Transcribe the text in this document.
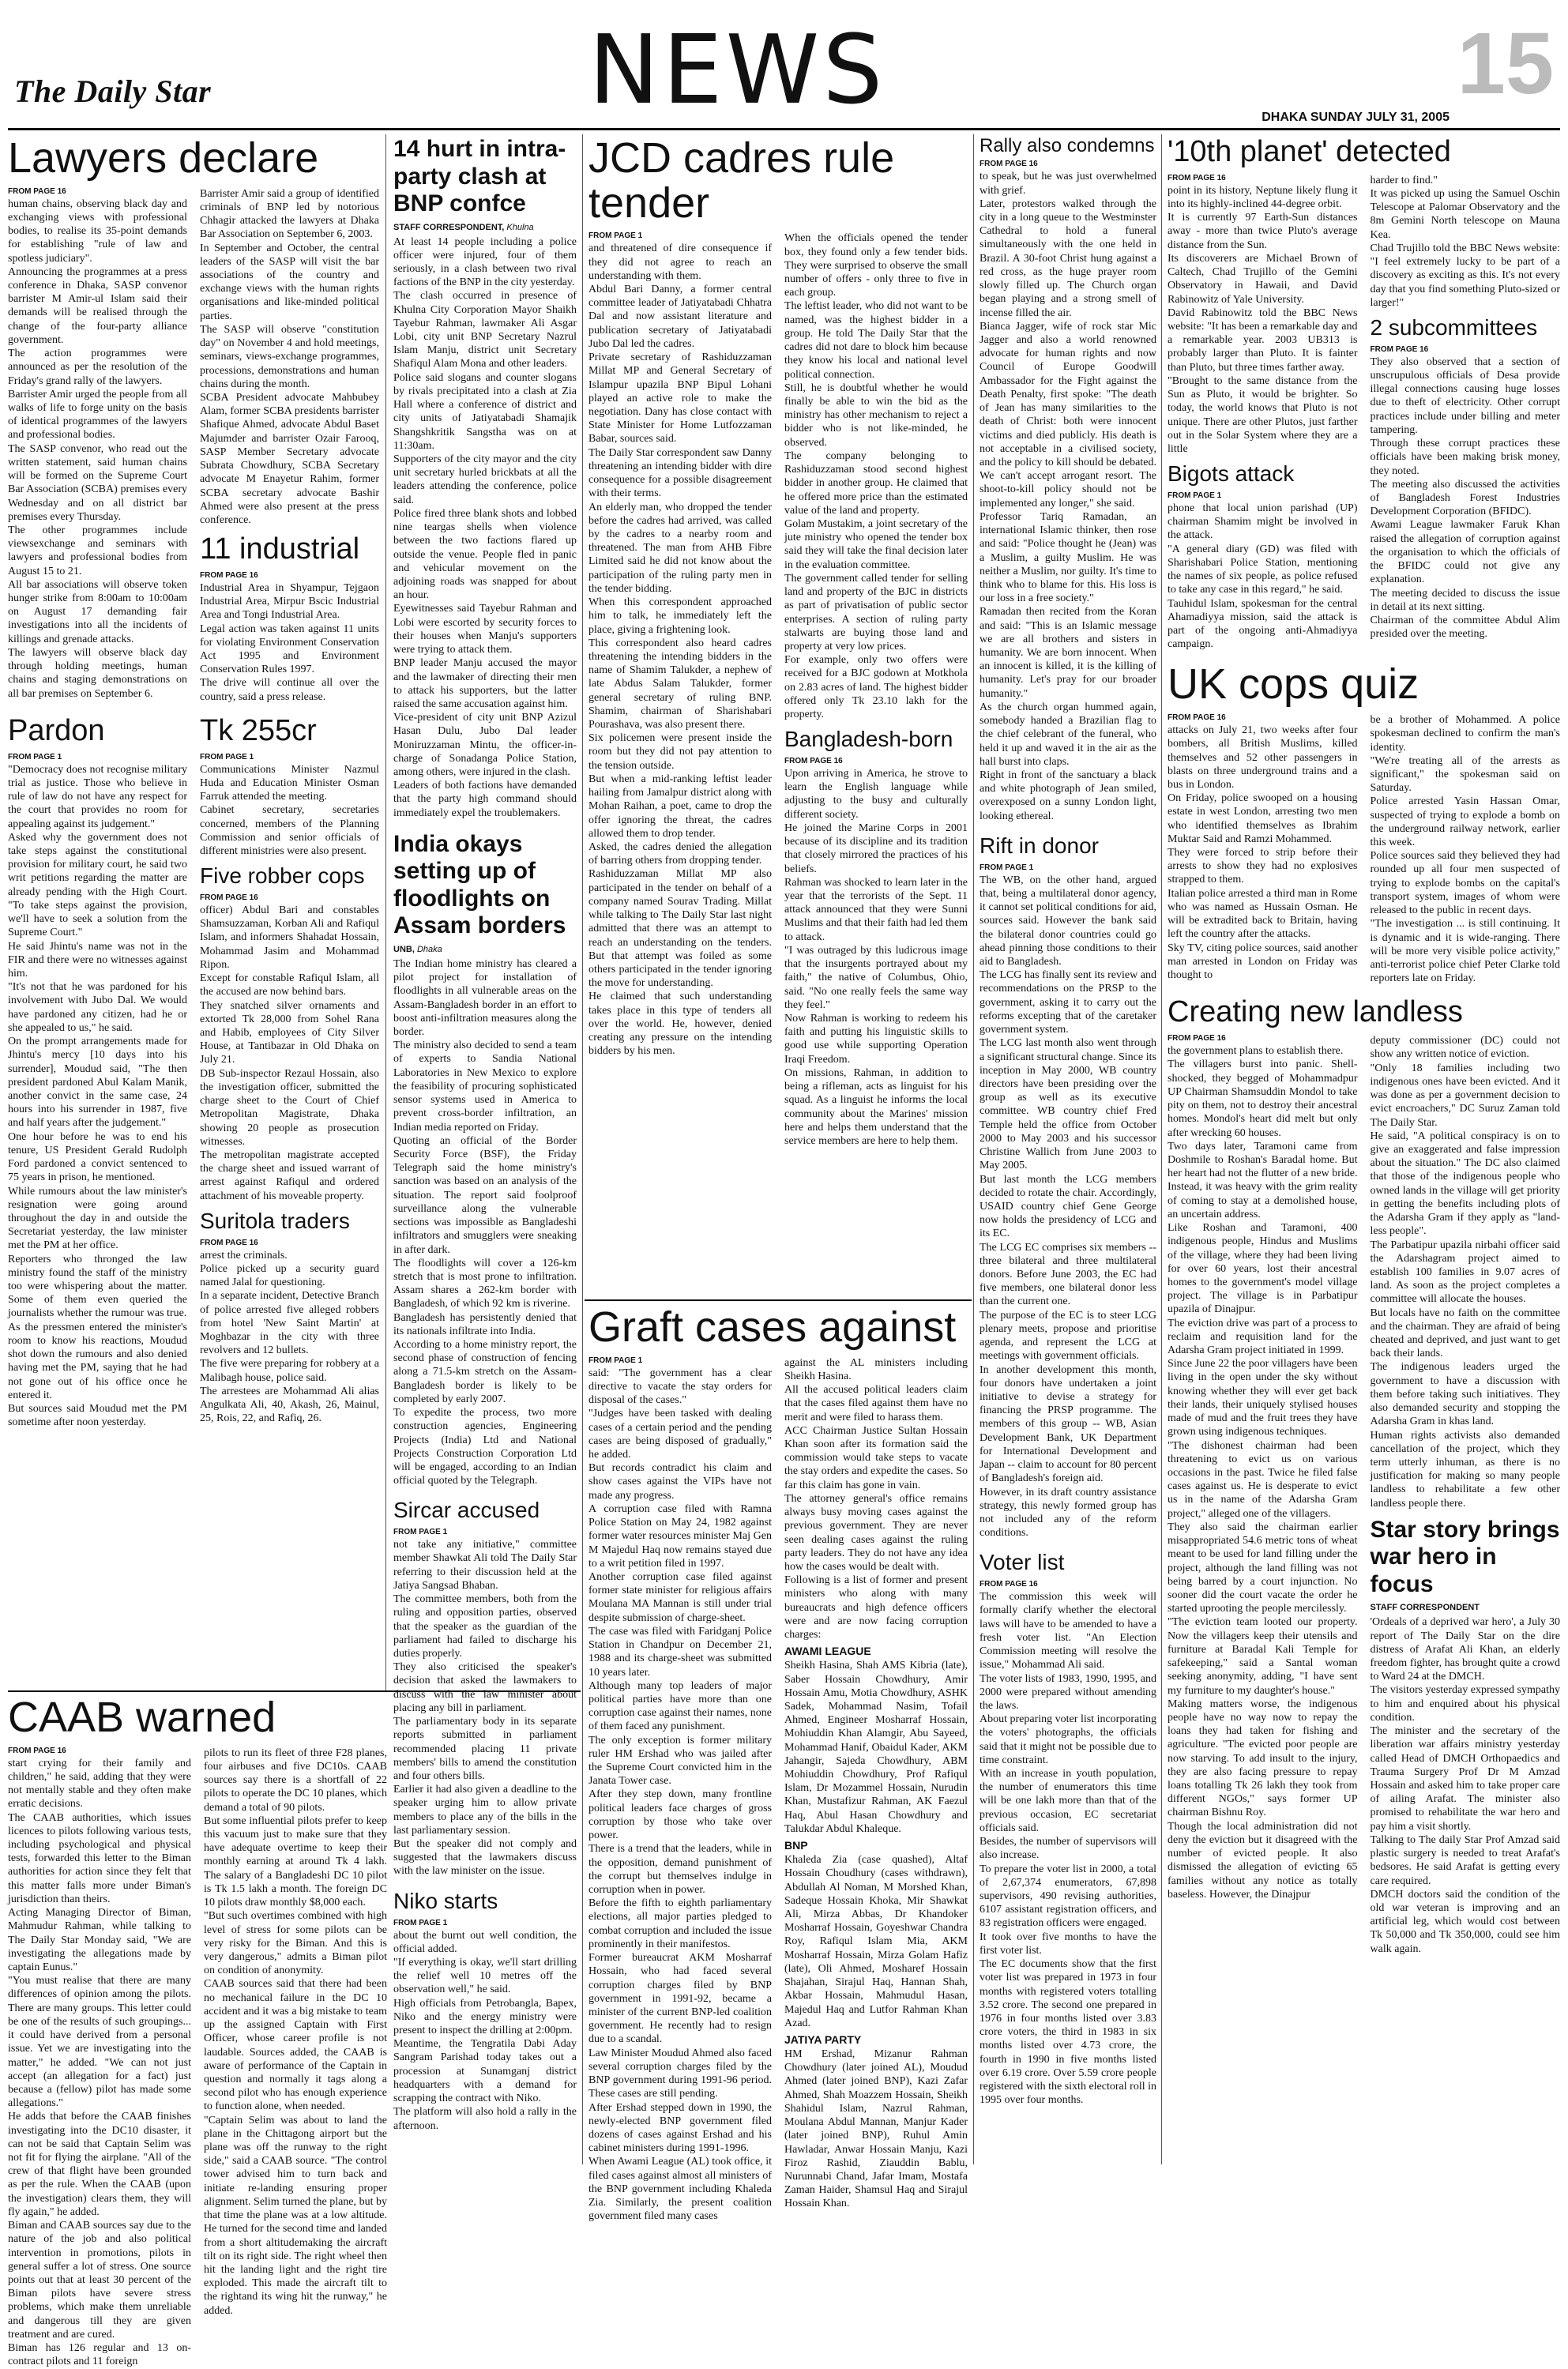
The Daily Star	NEWS	15
DHAKA SUNDAY JULY 31, 2005
Lawyers declare
FROM PAGE 16

human chains, observing black day and exchanging views with professional bodies, to realise its 35-point demands for establishing "rule of law and spotless judiciary".
Announcing the programmes at a press conference in Dhaka, SASP convenor barrister M Amir-ul Islam said their demands will be realised through the change of the four-party alliance government.
The action programmes were announced as per the resolution of the Friday's grand rally of the lawyers.
Barrister Amir urged the people from all walks of life to forge unity on the basis of identical programmes of the lawyers and professional bodies.
The SASP convenor, who read out the written statement, said human chains will be formed on the Supreme Court Bar Association (SCBA) premises every Wednesday and on all district bar premises every Thursday.
The other programmes include viewsexchange and seminars with lawyers and professional bodies from August 15 to 21.
All bar associations will observe token hunger strike from 8:00am to 10:00am on August 17 demanding fair investigations into all the incidents of killings and grenade attacks.
The lawyers will observe black day through holding meetings, human chains and staging demonstrations on all bar premises on September 6.

Barrister Amir said a group of identified criminals of BNP led by notorious Chhagir attacked the lawyers at Dhaka Bar Association on September 6, 2003.
In September and October, the central leaders of the SASP will visit the bar associations of the country and exchange views with the human rights organisations and like-minded political parties.
The SASP will observe "constitution day" on November 4 and hold meetings, seminars, views-exchange programmes, processions, demonstrations and human chains during the month.
SCBA President advocate Mahbubey Alam, former SCBA presidents barrister Shafique Ahmed, advocate Abdul Baset Majumder and barrister Ozair Farooq, SASP Member Secretary advocate Subrata Chowdhury, SCBA Secretary advocate M Enayetur Rahim, former SCBA secretary advocate Bashir Ahmed were also present at the press conference.

11 industrial
FROM PAGE 16

Industrial Area in Shyampur, Tejgaon Industrial Area, Mirpur Bscic Industrial Area and Tongi Industrial Area.
Legal action was taken against 11 units for violating Environment Conservation Act 1995 and Environment Conservation Rules 1997.
The drive will continue all over the country, said a press release.

Pardon
FROM PAGE 1

"Democracy does not recognise military trial as justice. Those who believe in rule of law do not have any respect for the court that provides no room for appealing against its judgement."
Asked why the government does not take steps against the constitutional provision for military court, he said two writ petitions regarding the matter are already pending with the High Court. "To take steps against the provision, we'll have to seek a solution from the Supreme Court."
He said Jhintu's name was not in the FIR and there were no witnesses against him.
"It's not that he was pardoned for his involvement with Jubo Dal. We would have pardoned any citizen, had he or she appealed to us," he said.
On the prompt arrangements made for Jhintu's mercy [10 days into his surrender], Moudud said, "The then president pardoned Abul Kalam Manik, another convict in the same case, 24 hours into his surrender in 1987, five and half years after the judgement."
One hour before he was to end his tenure, US President Gerald Rudolph Ford pardoned a convict sentenced to 75 years in prison, he mentioned.
While rumours about the law minister's resignation were going around throughout the day in and outside the Secretariat yesterday, the law minister met the PM at her office.
Reporters who thronged the law ministry found the staff of the ministry too were whispering about the matter. Some of them even queried the journalists whether the rumour was true.
As the pressmen entered the minister's room to know his reactions, Moudud shot down the rumours and also denied having met the PM, saying that he had not gone out of his office once he entered it.
But sources said Moudud met the PM sometime after noon yesterday.

Tk 255cr
FROM PAGE 1

Communications Minister Nazmul Huda and Education Minister Osman Farruk attended the meeting.
Cabinet secretary, secretaries concerned, members of the Planning Commission and senior officials of different ministries were also present.

Five robber cops
FROM PAGE 16

officer) Abdul Bari and constables Shamsuzzaman, Korban Ali and Rafiqul Islam, and informers Shahadat Hossain, Mohammad Jasim and Mohammad Ripon.
Except for constable Rafiqul Islam, all the accused are now behind bars.
They snatched silver ornaments and extorted Tk 28,000 from Sohel Rana and Habib, employees of City Silver House, at Tantibazar in Old Dhaka on July 21.
DB Sub-inspector Rezaul Hossain, also the investigation officer, submitted the charge sheet to the Court of Chief Metropolitan Magistrate, Dhaka showing 20 people as prosecution witnesses.
The metropolitan magistrate accepted the charge sheet and issued warrant of arrest against Rafiqul and ordered attachment of his moveable property.

Suritola traders
FROM PAGE 16

arrest the criminals.
Police picked up a security guard named Jalal for questioning.
In a separate incident, Detective Branch of police arrested five alleged robbers from hotel 'New Saint Martin' at Moghbazar in the city with three revolvers and 12 bullets.
The five were preparing for robbery at a Malibagh house, police said.
The arrestees are Mohammad Ali alias Angulkata Ali, 40, Akash, 26, Mainul, 25, Rois, 22, and Rafiq, 26.

14 hurt in intra-party clash at BNP confce
STAFF CORRESPONDENT, Khulna

At least 14 people including a police officer were injured, four of them seriously, in a clash between two rival factions of the BNP in the city yesterday.
The clash occurred in presence of Khulna City Corporation Mayor Shaikh Tayebur Rahman, lawmaker Ali Asgar Lobi, city unit BNP Secretary Nazrul Islam Manju, district unit Secretary Shafiqul Alam Mona and other leaders.
Police said slogans and counter slogans by rivals precipitated into a clash at Zia Hall where a conference of district and city units of Jatiyatabadi Shamajik Shangshkritik Sangstha was on at 11:30am.
Supporters of the city mayor and the city unit secretary hurled brickbats at all the leaders attending the conference, police said.
Police fired three blank shots and lobbed nine teargas shells when violence between the two factions flared up outside the venue. People fled in panic and vehicular movement on the adjoining roads was snapped for about an hour.
Eyewitnesses said Tayebur Rahman and Lobi were escorted by security forces to their houses when Manju's supporters were trying to attack them.
BNP leader Manju accused the mayor and the lawmaker of directing their men to attack his supporters, but the latter raised the same accusation against him.
Vice-president of city unit BNP Azizul Hasan Dulu, Jubo Dal leader Moniruzzaman Mintu, the officer-in-charge of Sonadanga Police Station, among others, were injured in the clash.
Leaders of both factions have demanded that the party high command should immediately expel the troublemakers.

India okays setting up of floodlights on Assam borders
UNB, Dhaka

The Indian home ministry has cleared a pilot project for installation of floodlights in all vulnerable areas on the Assam-Bangladesh border in an effort to boost anti-infiltration measures along the border.
The ministry also decided to send a team of experts to Sandia National Laboratories in New Mexico to explore the feasibility of procuring sophisticated sensor systems used in America to prevent cross-border infiltration, an Indian media reported on Friday.
Quoting an official of the Border Security Force (BSF), the Friday Telegraph said the home ministry's sanction was based on an analysis of the situation. The report said foolproof surveillance along the vulnerable sections was impossible as Bangladeshi infiltrators and smugglers were sneaking in after dark.
The floodlights will cover a 126-km stretch that is most prone to infiltration. Assam shares a 262-km border with Bangladesh, of which 92 km is riverine.
Bangladesh has persistently denied that its nationals infiltrate into India.
According to a home ministry report, the second phase of construction of fencing along a 71.5-km stretch on the Assam-Bangladesh border is likely to be completed by early 2007.
To expedite the process, two more construction agencies, Engineering Projects (India) Ltd and National Projects Construction Corporation Ltd will be engaged, according to an Indian official quoted by the Telegraph.

Sircar accused
FROM PAGE 1

not take any initiative," committee member Shawkat Ali told The Daily Star referring to their discussion held at the Jatiya Sangsad Bhaban.
The committee members, both from the ruling and opposition parties, observed that the speaker as the guardian of the parliament had failed to discharge his duties properly.
They also criticised the speaker's decision that asked the lawmakers to discuss with the law minister about placing any bill in parliament.
The parliamentary body in its separate reports submitted in parliament recommended placing 11 private members' bills to amend the constitution and four others bills.
Earlier it had also given a deadline to the speaker urging him to allow private members to place any of the bills in the last parliamentary session.
But the speaker did not comply and suggested that the lawmakers discuss with the law minister on the issue.

Niko starts
FROM PAGE 1

about the burnt out well condition, the official added.
"If everything is okay, we'll start drilling the relief well 10 metres off the observation well," he said.
High officials from Petrobangla, Bapex, Niko and the energy ministry were present to inspect the drilling at 2:00pm.
Meantime, the Tengratila Dabi Aday Sangram Parishad today takes out a procession at Sunamganj district headquarters with a demand for scrapping the contract with Niko.
The platform will also hold a rally in the afternoon.

CAAB warned
FROM PAGE 16

start crying for their family and children," he said, adding that they were not mentally stable and they often make erratic decisions.
The CAAB authorities, which issues licences to pilots following various tests, including psychological and physical tests, forwarded this letter to the Biman authorities for action since they felt that this matter falls more under Biman's jurisdiction than theirs.
Acting Managing Director of Biman, Mahmudur Rahman, while talking to The Daily Star Monday said, "We are investigating the allegations made by captain Eunus."
"You must realise that there are many differences of opinion among the pilots. There are many groups. This letter could be one of the results of such groupings... it could have derived from a personal issue. Yet we are investigating into the matter," he added. "We can not just accept (an allegation for a fact) just because a (fellow) pilot has made some allegations."
He adds that before the CAAB finishes investigating into the DC10 disaster, it can not be said that Captain Selim was not fit for flying the airplane. "All of the crew of that flight have been grounded as per the rule. When the CAAB (upon the investigation) clears them, they will fly again," he added.
Biman and CAAB sources say due to the nature of the job and also political intervention in promotions, pilots in general suffer a lot of stress. One source points out that at least 30 percent of the Biman pilots have severe stress problems, which make them unreliable and dangerous till they are given treatment and are cured.
Biman has 126 regular and 13 on-contract pilots and 11 foreign

pilots to run its fleet of three F28 planes, four airbuses and five DC10s. CAAB sources say there is a shortfall of 22 pilots to operate the DC 10 planes, which demand a total of 90 pilots.
But some influential pilots prefer to keep this vacuum just to make sure that they have adequate overtime to keep their monthly earning at around Tk 4 lakh. The salary of a Bangladeshi DC 10 pilot is Tk 1.5 lakh a month. The foreign DC 10 pilots draw monthly $8,000 each.
"But such overtimes combined with high level of stress for some pilots can be very risky for the Biman. And this is very dangerous," admits a Biman pilot on condition of anonymity.
CAAB sources said that there had been no mechanical failure in the DC 10 accident and it was a big mistake to team up the assigned Captain with First Officer, whose career profile is not laudable. Sources added, the CAAB is aware of performance of the Captain in question and normally it tags along a second pilot who has enough experience to function alone, when needed.
"Captain Selim was about to land the plane in the Chittagong airport but the plane was off the runway to the right side," said a CAAB source. "The control tower advised him to turn back and initiate re-landing ensuring proper alignment. Selim turned the plane, but by that time the plane was at a low altitude. He turned for the second time and landed from a short altitudemaking the aircraft tilt on its right side. The right wheel then hit the landing light and the right tire exploded. This made the aircraft tilt to the rightand its wing hit the runway," he added.

JCD cadres rule tender
FROM PAGE 1

and threatened of dire consequence if they did not agree to reach an understanding with them.
Abdul Bari Danny, a former central committee leader of Jatiyatabadi Chhatra Dal and now assistant literature and publication secretary of Jatiyatabadi Jubo Dal led the cadres.
Private secretary of Rashiduzzaman Millat MP and General Secretary of Islampur upazila BNP Bipul Lohani played an active role to make the negotiation. Dany has close contact with State Minister for Home Lutfozzaman Babar, sources said.
The Daily Star correspondent saw Danny threatening an intending bidder with dire consequence for a possible disagreement with their terms.
An elderly man, who dropped the tender before the cadres had arrived, was called by the cadres to a nearby room and threatened. The man from AHB Fibre Limited said he did not know about the participation of the ruling party men in the tender bidding.
When this correspondent approached him to talk, he immediately left the place, giving a frightening look.
This correspondent also heard cadres threatening the intending bidders in the name of Shamim Talukder, a nephew of late Abdus Salam Talukder, former general secretary of ruling BNP. Shamim, chairman of Sharishabari Pourashava, was also present there.
Six policemen were present inside the room but they did not pay attention to the tension outside.
But when a mid-ranking leftist leader hailing from Jamalpur district along with Mohan Raihan, a poet, came to drop the offer ignoring the threat, the cadres allowed them to drop tender.
Asked, the cadres denied the allegation of barring others from dropping tender.
Rashiduzzaman Millat MP also participated in the tender on behalf of a company named Sourav Trading. Millat while talking to The Daily Star last night admitted that there was an attempt to reach an understanding on the tenders. But that attempt was foiled as some others participated in the tender ignoring the move for understanding.
He claimed that such understanding takes place in this type of tenders all over the world. He, however, denied creating any pressure on the intending bidders by his men.

When the officials opened the tender box, they found only a few tender bids. They were surprised to observe the small number of offers - only three to five in each group.
The leftist leader, who did not want to be named, was the highest bidder in a group. He told The Daily Star that the cadres did not dare to block him because they know his local and national level political connection.
Still, he is doubtful whether he would finally be able to win the bid as the ministry has other mechanism to reject a bidder who is not like-minded, he observed.
The company belonging to Rashiduzzaman stood second highest bidder in another group. He claimed that he offered more price than the estimated value of the land and property.
Golam Mustakim, a joint secretary of the jute ministry who opened the tender box said they will take the final decision later in the evaluation committee.
The government called tender for selling land and property of the BJC in districts as part of privatisation of public sector enterprises. A section of ruling party stalwarts are buying those land and property at very low prices.
For example, only two offers were received for a BJC godown at Motkhola on 2.83 acres of land. The highest bidder offered only Tk 23.10 lakh for the property.

Bangladesh-born
FROM PAGE 16

Upon arriving in America, he strove to learn the English language while adjusting to the busy and culturally different society.
He joined the Marine Corps in 2001 because of its discipline and its tradition that closely mirrored the practices of his beliefs.
Rahman was shocked to learn later in the year that the terrorists of the Sept. 11 attack announced that they were Sunni Muslims and that their faith had led them to attack.
"I was outraged by this ludicrous image that the insurgents portrayed about my faith," the native of Columbus, Ohio, said. "No one really feels the same way they feel."
Now Rahman is working to redeem his faith and putting his linguistic skills to good use while supporting Operation Iraqi Freedom.
On missions, Rahman, in addition to being a rifleman, acts as linguist for his squad. As a linguist he informs the local community about the Marines' mission here and helps them understand that the service members are here to help them.

Graft cases against
FROM PAGE 1

said: "The government has a clear directive to vacate the stay orders for disposal of the cases."
"Judges have been tasked with dealing cases of a certain period and the pending cases are being disposed of gradually," he added.
But records contradict his claim and show cases against the VIPs have not made any progress.
A corruption case filed with Ramna Police Station on May 24, 1982 against former water resources minister Maj Gen M Majedul Haq now remains stayed due to a writ petition filed in 1997.
Another corruption case filed against former state minister for religious affairs Moulana MA Mannan is still under trial despite submission of charge-sheet.
The case was filed with Faridganj Police Station in Chandpur on December 21, 1988 and its charge-sheet was submitted 10 years later.
Although many top leaders of major political parties have more than one corruption case against their names, none of them faced any punishment.
The only exception is former military ruler HM Ershad who was jailed after the Supreme Court convicted him in the Janata Tower case.
After they step down, many frontline political leaders face charges of gross corruption by those who take over power.
There is a trend that the leaders, while in the opposition, demand punishment of the corrupt but themselves indulge in corruption when in power.
Before the fifth to eighth parliamentary elections, all major parties pledged to combat corruption and included the issue prominently in their manifestos.
Former bureaucrat AKM Mosharraf Hossain, who had faced several corruption charges filed by BNP government in 1991-92, became a minister of the current BNP-led coalition government. He recently had to resign due to a scandal.
Law Minister Moudud Ahmed also faced several corruption charges filed by the BNP government during 1991-96 period. These cases are still pending.
After Ershad stepped down in 1990, the newly-elected BNP government filed dozens of cases against Ershad and his cabinet ministers during 1991-1996.
When Awami League (AL) took office, it filed cases against almost all ministers of the BNP government including Khaleda Zia. Similarly, the present coalition government filed many cases

against the AL ministers including Sheikh Hasina.
All the accused political leaders claim that the cases filed against them have no merit and were filed to harass them.
ACC Chairman Justice Sultan Hossain Khan soon after its formation said the commission would take steps to vacate the stay orders and expedite the cases. So far this claim has gone in vain.
The attorney general's office remains always busy moving cases against the previous government. They are never seen dealing cases against the ruling party leaders. They do not have any idea how the cases would be dealt with.
Following is a list of former and present ministers who along with many bureaucrats and high defence officers were and are now facing corruption charges:

AWAMI LEAGUE

Sheikh Hasina, Shah AMS Kibria (late), Saber Hossain Chowdhury, Amir Hossain Amu, Motia Chowdhury, ASHK Sadek, Mohammad Nasim, Tofail Ahmed, Engineer Mosharraf Hossain, Mohiuddin Khan Alamgir, Abu Sayeed, Mohammad Hanif, Obaidul Kader, AKM Jahangir, Sajeda Chowdhury, ABM Mohiuddin Chowdhury, Prof Rafiqul Islam, Dr Mozammel Hossain, Nurudin Khan, Mustafizur Rahman, AK Faezul Haq, Abul Hasan Chowdhury and Talukdar Abdul Khaleque.

BNP

Khaleda Zia (case quashed), Altaf Hossain Choudhury (cases withdrawn), Abdullah Al Noman, M Morshed Khan, Sadeque Hossain Khoka, Mir Shawkat Ali, Mirza Abbas, Dr Khandoker Mosharraf Hossain, Goyeshwar Chandra Roy, Rafiqul Islam Mia, AKM Mosharraf Hossain, Mirza Golam Hafiz (late), Oli Ahmed, Mosharef Hossain Shajahan, Sirajul Haq, Hannan Shah, Akbar Hossain, Mahmudul Hasan, Majedul Haq and Lutfor Rahman Khan Azad.

JATIYA PARTY

HM Ershad, Mizanur Rahman Chowdhury (later joined AL), Moudud Ahmed (later joined BNP), Kazi Zafar Ahmed, Shah Moazzem Hossain, Sheikh Shahidul Islam, Nazrul Rahman, Moulana Abdul Mannan, Manjur Kader (later joined BNP), Ruhul Amin Hawladar, Anwar Hossain Manju, Kazi Firoz Rashid, Ziauddin Bablu, Nurunnabi Chand, Jafar Imam, Mostafa Zaman Haider, Shamsul Haq and Sirajul Hossain Khan.

Rally also condemns
FROM PAGE 16

to speak, but he was just overwhelmed with grief.
Later, protestors walked through the city in a long queue to the Westminster Cathedral to hold a funeral simultaneously with the one held in Brazil. A 30-foot Christ hung against a red cross, as the huge prayer room slowly filled up. The Church organ began playing and a strong smell of incense filled the air.
Bianca Jagger, wife of rock star Mic Jagger and also a world renowned advocate for human rights and now Council of Europe Goodwill Ambassador for the Fight against the Death Penalty, first spoke: "The death of Jean has many similarities to the death of Christ: both were innocent victims and died publicly. His death is not acceptable in a civilised society, and the policy to kill should be debated. We can't accept arrogant resort. The shoot-to-kill policy should not be implemented any longer," she said.
Professor Tariq Ramadan, an international Islamic thinker, then rose and said: "Police thought he (Jean) was a Muslim, a guilty Muslim. He was neither a Muslim, nor guilty. It's time to think who to blame for this. His loss is our loss in a free society."
Ramadan then recited from the Koran and said: "This is an Islamic message we are all brothers and sisters in humanity. We are born innocent. When an innocent is killed, it is the killing of humanity. Let's pray for our broader humanity."
As the church organ hummed again, somebody handed a Brazilian flag to the chief celebrant of the funeral, who held it up and waved it in the air as the hall burst into claps.
Right in front of the sanctuary a black and white photograph of Jean smiled, overexposed on a sunny London light, looking ethereal.

Rift in donor
FROM PAGE 1

The WB, on the other hand, argued that, being a multilateral donor agency, it cannot set political conditions for aid, sources said. However the bank said the bilateral donor countries could go ahead pinning those conditions to their aid to Bangladesh.
The LCG has finally sent its review and recommendations on the PRSP to the government, asking it to carry out the reforms excepting that of the caretaker government system.
The LCG last month also went through a significant structural change. Since its inception in May 2000, WB country directors have been presiding over the group as well as its executive committee. WB country chief Fred Temple held the office from October 2000 to May 2003 and his successor Christine Wallich from June 2003 to May 2005.
But last month the LCG members decided to rotate the chair. Accordingly, USAID country chief Gene George now holds the presidency of LCG and its EC.
The LCG EC comprises six members -- three bilateral and three multilateral donors. Before June 2003, the EC had five members, one bilateral donor less than the current one.
The purpose of the EC is to steer LCG plenary meets, propose and prioritise agenda, and represent the LCG at meetings with government officials.
In another development this month, four donors have undertaken a joint initiative to devise a strategy for financing the PRSP programme. The members of this group -- WB, Asian Development Bank, UK Department for International Development and Japan -- claim to account for 80 percent of Bangladesh's foreign aid.
However, in its draft country assistance strategy, this newly formed group has not included any of the reform conditions.

Voter list
FROM PAGE 16

The commission this week will formally clarify whether the electoral laws will have to be amended to have a fresh voter list. "An Election Commission meeting will resolve the issue," Mohammad Ali said.
The voter lists of 1983, 1990, 1995, and 2000 were prepared without amending the laws.
About preparing voter list incorporating the voters' photographs, the officials said that it might not be possible due to time constraint.
With an increase in youth population, the number of enumerators this time will be one lakh more than that of the previous occasion, EC secretariat officials said.
Besides, the number of supervisors will also increase.
To prepare the voter list in 2000, a total of 2,67,374 enumerators, 67,898 supervisors, 490 revising authorities, 6107 assistant registration officers, and 83 registration officers were engaged.
It took over five months to have the first voter list.
The EC documents show that the first voter list was prepared in 1973 in four months with registered voters totalling 3.52 crore. The second one prepared in 1976 in four months listed over 3.83 crore voters, the third in 1983 in six months listed over 4.73 crore, the fourth in 1990 in five months listed over 6.19 crore. Over 5.59 crore people registered with the sixth electoral roll in 1995 over four months.

'10th planet' detected
FROM PAGE 16

point in its history, Neptune likely flung it into its highly-inclined 44-degree orbit.
It is currently 97 Earth-Sun distances away - more than twice Pluto's average distance from the Sun.
Its discoverers are Michael Brown of Caltech, Chad Trujillo of the Gemini Observatory in Hawaii, and David Rabinowitz of Yale University.
David Rabinowitz told the BBC News website: "It has been a remarkable day and a remarkable year. 2003 UB313 is probably larger than Pluto. It is fainter than Pluto, but three times farther away.
"Brought to the same distance from the Sun as Pluto, it would be brighter. So today, the world knows that Pluto is not unique. There are other Plutos, just farther out in the Solar System where they are a little

Bigots attack
FROM PAGE 1

phone that local union parishad (UP) chairman Shamim might be involved in the attack.
"A general diary (GD) was filed with Sharishabari Police Station, mentioning the names of six people, as police refused to take any case in this regard," he said.
Tauhidul Islam, spokesman for the central Ahamadiyya mission, said the attack is part of the ongoing anti-Ahmadiyya campaign.

harder to find."
It was picked up using the Samuel Oschin Telescope at Palomar Observatory and the 8m Gemini North telescope on Mauna Kea.
Chad Trujillo told the BBC News website: "I feel extremely lucky to be part of a discovery as exciting as this. It's not every day that you find something Pluto-sized or larger!"

2 subcommittees
FROM PAGE 16

They also observed that a section of unscrupulous officials of Desa provide illegal connections causing huge losses due to theft of electricity. Other corrupt practices include under billing and meter tampering.
Through these corrupt practices these officials have been making brisk money, they noted.
The meeting also discussed the activities of Bangladesh Forest Industries Development Corporation (BFIDC).
Awami League lawmaker Faruk Khan raised the allegation of corruption against the organisation to which the officials of the BFIDC could not give any explanation.
The meeting decided to discuss the issue in detail at its next sitting.
Chairman of the committee Abdul Alim presided over the meeting.

UK cops quiz
FROM PAGE 16

attacks on July 21, two weeks after four bombers, all British Muslims, killed themselves and 52 other passengers in blasts on three underground trains and a bus in London.
On Friday, police swooped on a housing estate in west London, arresting two men who identified themselves as Ibrahim Muktar Said and Ramzi Mohammed.
They were forced to strip before their arrests to show they had no explosives strapped to them.
Italian police arrested a third man in Rome who was named as Hussain Osman. He will be extradited back to Britain, having left the country after the attacks.
Sky TV, citing police sources, said another man arrested in London on Friday was thought to

be a brother of Mohammed. A police spokesman declined to confirm the man's identity.
"We're treating all of the arrests as significant," the spokesman said on Saturday.
Police arrested Yasin Hassan Omar, suspected of trying to explode a bomb on the underground railway network, earlier this week.
Police sources said they believed they had rounded up all four men suspected of trying to explode bombs on the capital's transport system, images of whom were released to the public in recent days.
"The investigation ... is still continuing. It is dynamic and it is wide-ranging. There will be more very visible police activity," anti-terrorist police chief Peter Clarke told reporters late on Friday.

Creating new landless
FROM PAGE 16

the government plans to establish there.
The villagers burst into panic. Shell-shocked, they begged of Mohammadpur UP Chairman Shamsuddin Mondol to take pity on them, not to destroy their ancestral homes. Mondol's heart did melt but only after wrecking 60 houses.
Two days later, Taramoni came from Doshmile to Roshan's Baradal home. But her heart had not the flutter of a new bride. Instead, it was heavy with the grim reality of coming to stay at a demolished house, an uncertain address.
Like Roshan and Taramoni, 400 indigenous people, Hindus and Muslims of the village, where they had been living for over 60 years, lost their ancestral homes to the government's model village project. The village is in Parbatipur upazila of Dinajpur.
The eviction drive was part of a process to reclaim and requisition land for the Adarsha Gram project initiated in 1999.
Since June 22 the poor villagers have been living in the open under the sky without knowing whether they will ever get back their lands, their uniquely stylised houses made of mud and the fruit trees they have grown using indigenous techniques.
"The dishonest chairman had been threatening to evict us on various occasions in the past. Twice he filed false cases against us. He is desperate to evict us in the name of the Adarsha Gram project," alleged one of the villagers.
They also said the chairman earlier misappropriated 54.6 metric tons of wheat meant to be used for land filling under the project, although the land filling was not being barred by a court injunction. No sooner did the court vacate the order he started uprooting the people mercilessly.
"The eviction team looted our property. Now the villagers keep their utensils and furniture at Baradal Kali Temple for safekeeping," said a Santal woman seeking anonymity, adding, "I have sent my furniture to my daughter's house."
Making matters worse, the indigenous people have no way now to repay the loans they had taken for fishing and agriculture. "The evicted poor people are now starving. To add insult to the injury, they are also facing pressure to repay loans totalling Tk 26 lakh they took from different NGOs," says former UP chairman Bishnu Roy.
Though the local administration did not deny the eviction but it disagreed with the number of evicted people. It also dismissed the allegation of evicting 65 families without any notice as totally baseless. However, the Dinajpur

deputy commissioner (DC) could not show any written notice of eviction.
"Only 18 families including two indigenous ones have been evicted. And it was done as per a government decision to evict encroachers," DC Suruz Zaman told The Daily Star.
He said, "A political conspiracy is on to give an exaggerated and false impression about the situation." The DC also claimed that those of the indigenous people who owned lands in the village will get priority in getting the benefits including plots of the Adarsha Gram if they apply as "land-less people".
The Parbatipur upazila nirbahi officer said the Adarshagram project aimed to establish 100 families in 9.07 acres of land. As soon as the project completes a committee will allocate the houses.
But locals have no faith on the committee and the chairman. They are afraid of being cheated and deprived, and just want to get back their lands.
The indigenous leaders urged the government to have a discussion with them before taking such initiatives. They also demanded security and stopping the Adarsha Gram in khas land.
Human rights activists also demanded cancellation of the project, which they term utterly inhuman, as there is no justification for making so many people landless to rehabilitate a few other landless people there.

Star story brings war hero in focus
STAFF CORRESPONDENT

'Ordeals of a deprived war hero', a July 30 report of The Daily Star on the dire distress of Arafat Ali Khan, an elderly freedom fighter, has brought quite a crowd to Ward 24 at the DMCH.
The visitors yesterday expressed sympathy to him and enquired about his physical condition.
The minister and the secretary of the liberation war affairs ministry yesterday called Head of DMCH Orthopaedics and Trauma Surgery Prof Dr M Amzad Hossain and asked him to take proper care of ailing Arafat. The minister also promised to rehabilitate the war hero and pay him a visit shortly.
Talking to The daily Star Prof Amzad said plastic surgery is needed to treat Arafat's bedsores. He said Arafat is getting every care required.
DMCH doctors said the condition of the old war veteran is improving and an artificial leg, which would cost between Tk 50,000 and Tk 350,000, could see him walk again.
